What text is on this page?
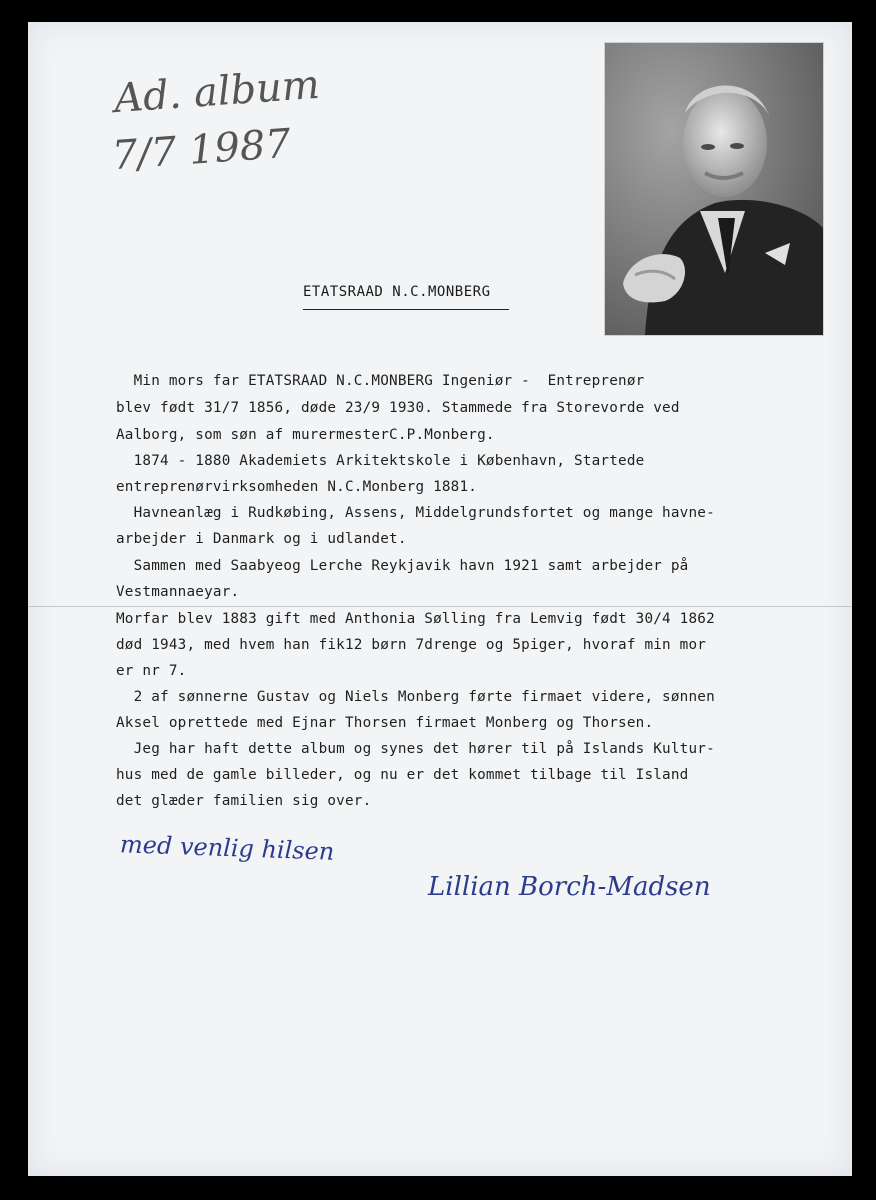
Ad. album
7/7 1987
ETATSRAAD N.C.MONBERG
Min mors far ETATSRAAD N.C.MONBERG Ingeniør -  Entreprenør
blev født 31/7 1856, døde 23/9 1930. Stammede fra Storevorde ved
Aalborg, som søn af murermesterC.P.Monberg.
1874 - 1880 Akademiets Arkitektskole i København, Startede
entreprenørvirksomheden N.C.Monberg 1881.
Havneanlæg i Rudkøbing, Assens, Middelgrundsfortet og mange havne-
arbejder i Danmark og i udlandet.
Sammen med Saabyeog Lerche Reykjavik havn 1921 samt arbejder på
Vestmannaeyar.
Morfar blev 1883 gift med Anthonia Sølling fra Lemvig født 30/4 1862
død 1943, med hvem han fik12 børn 7drenge og 5piger, hvoraf min mor
er nr 7.
2 af sønnerne Gustav og Niels Monberg førte firmaet videre, sønnen
Aksel oprettede med Ejnar Thorsen firmaet Monberg og Thorsen.
Jeg har haft dette album og synes det hører til på Islands Kultur-
hus med de gamle billeder, og nu er det kommet tilbage til Island
det glæder familien sig over.
med venlig hilsen
Lillian Borch-Madsen
